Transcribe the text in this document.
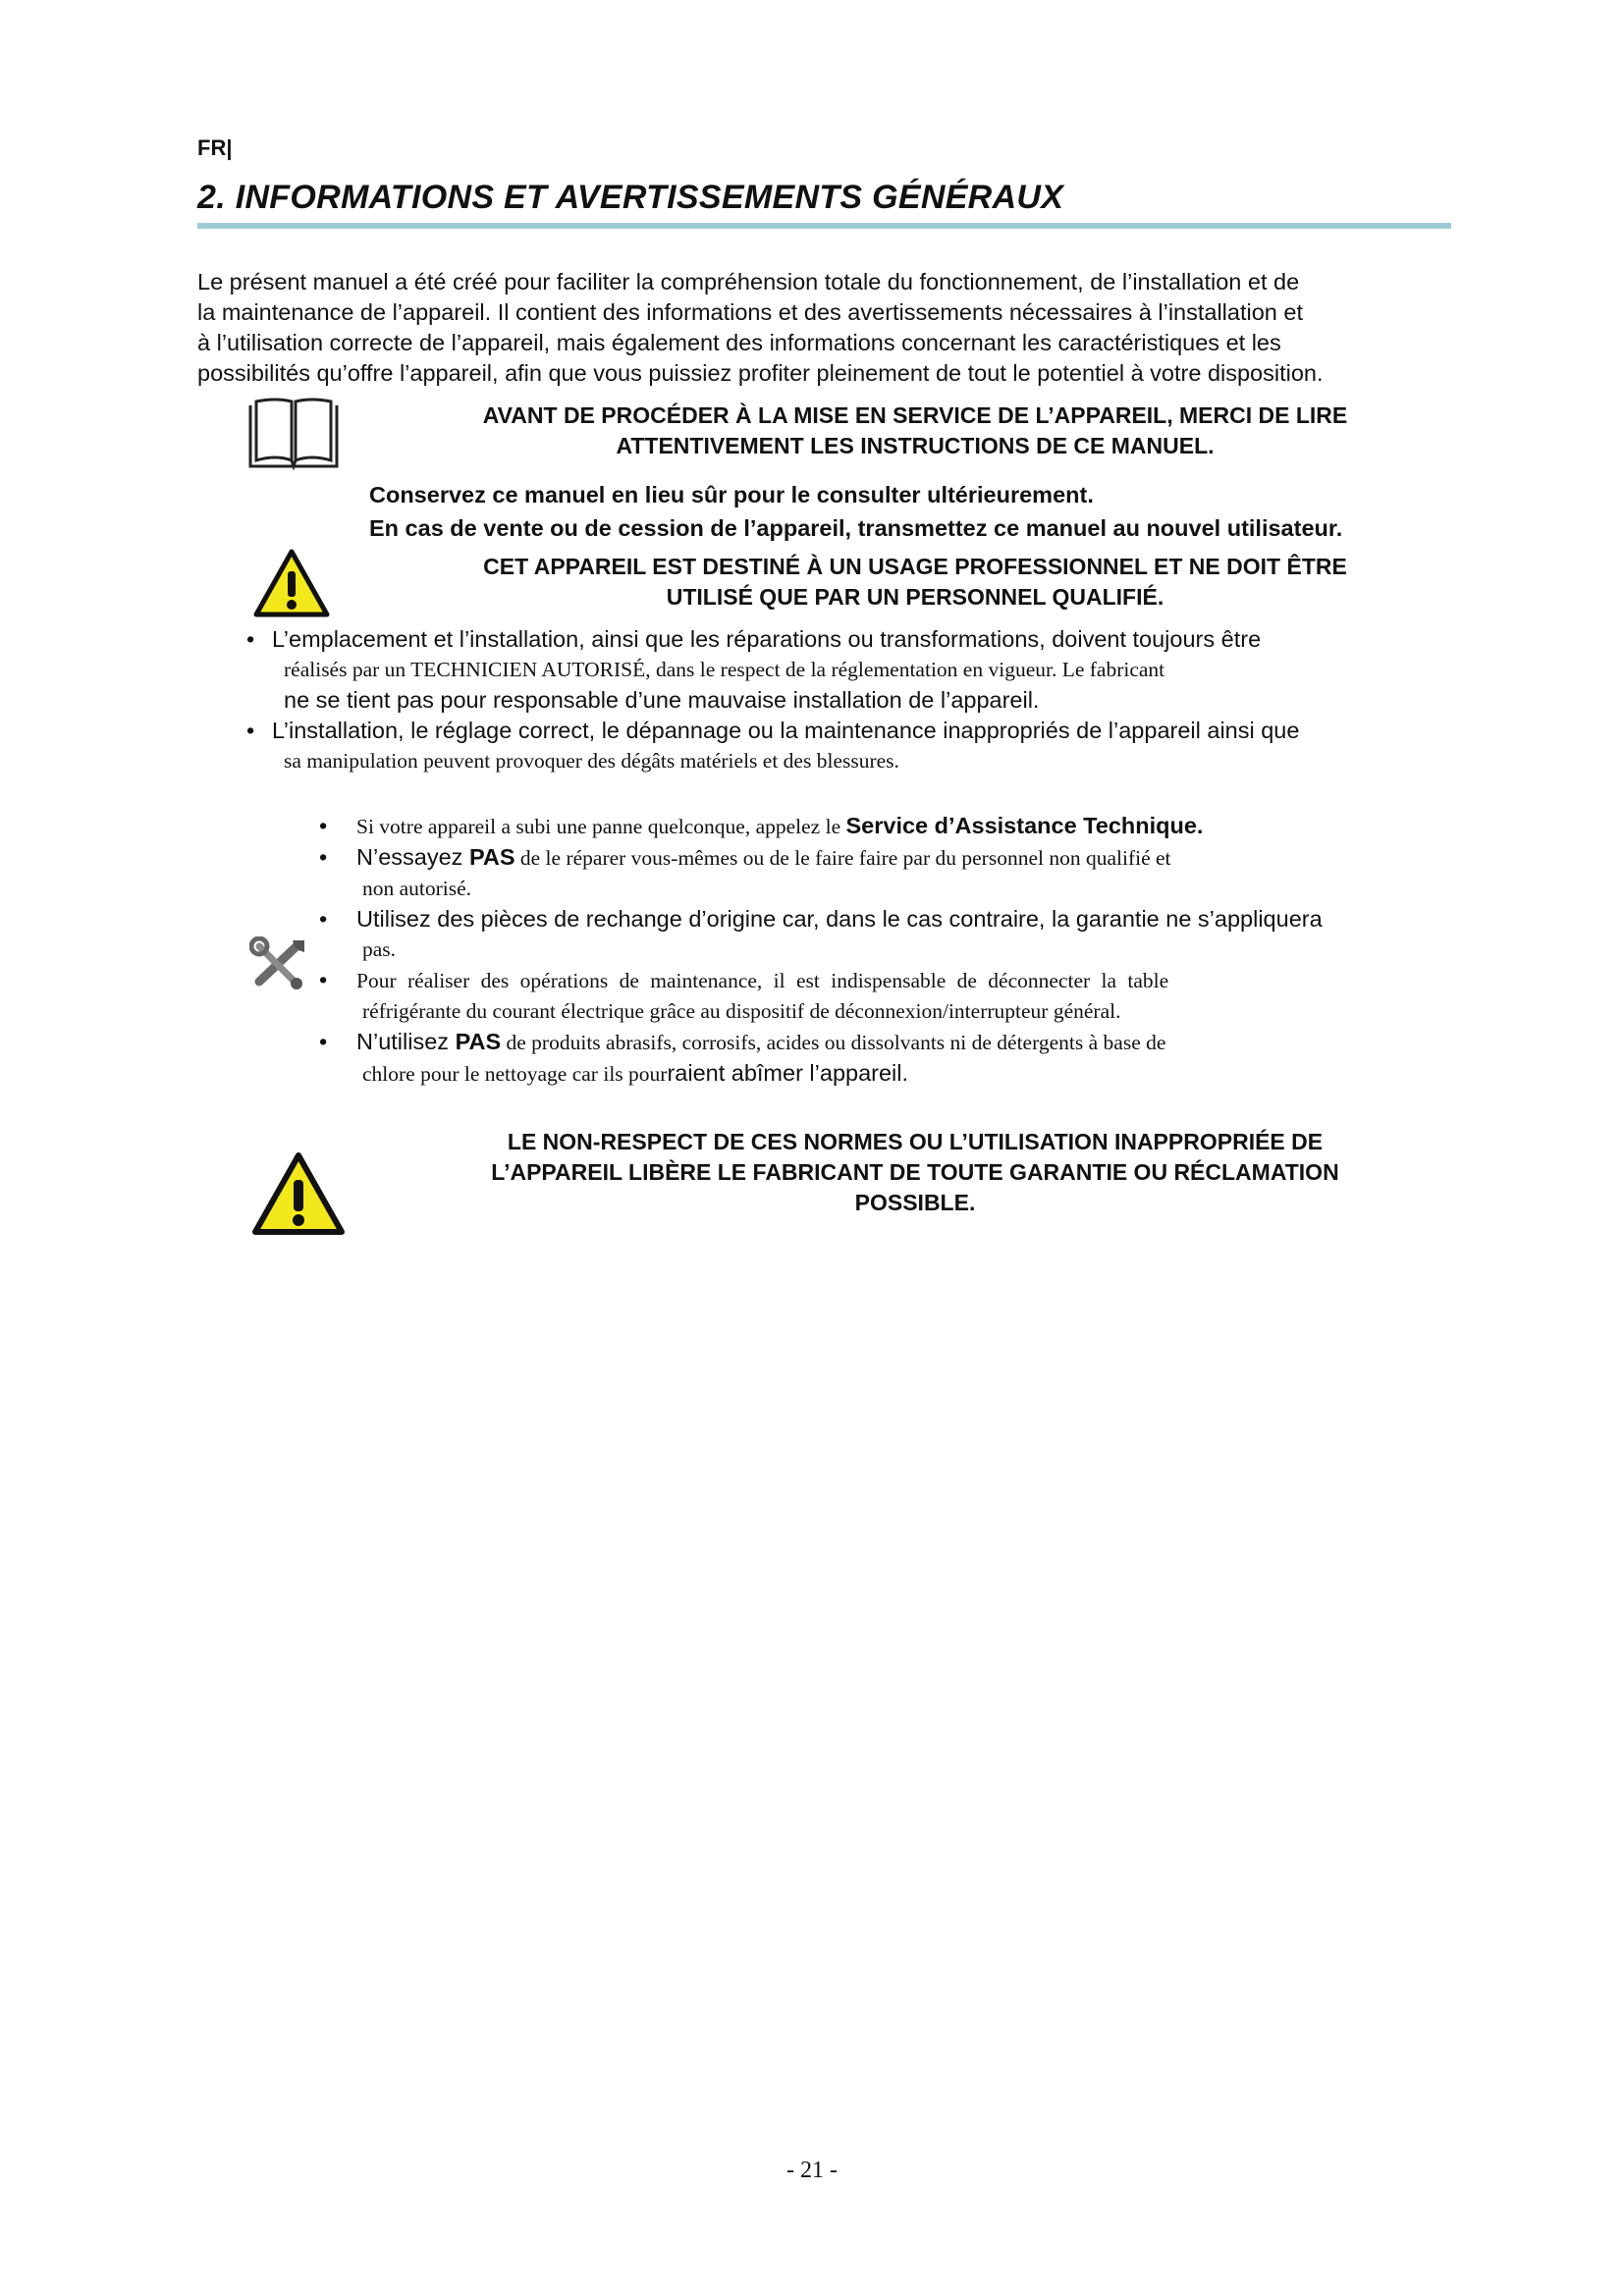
FR|
2. INFORMATIONS ET AVERTISSEMENTS GÉNÉRAUX

Le présent manuel a été créé pour faciliter la compréhension totale du fonctionnement, de l’installation et de

la maintenance de l’appareil. Il contient des informations et des avertissements nécessaires à l’installation et

à l’utilisation correcte de l’appareil, mais également des informations concernant les caractéristiques et les

possibilités qu’offre l’appareil, afin que vous puissiez profiter pleinement de tout le potentiel à votre disposition.

AVANT DE PROCÉDER À LA MISE EN SERVICE DE L’APPAREIL, MERCI DE LIRE
ATTENTIVEMENT LES INSTRUCTIONS DE CE MANUEL.
Conservez ce manuel en lieu sûr pour le consulter ultérieurement.
En cas de vente ou de cession de l’appareil, transmettez ce manuel au nouvel utilisateur.
CET APPAREIL EST DESTINÉ À UN USAGE PROFESSIONNEL ET NE DOIT ÊTRE
UTILISÉ QUE PAR UN PERSONNEL QUALIFIÉ.
• L’emplacement et l’installation, ainsi que les réparations ou transformations, doivent toujours être
réalisés par un TECHNICIEN AUTORISÉ, dans le respect de la réglementation en vigueur. Le fabricant
ne se tient pas pour responsable d’une mauvaise installation de l’appareil.
• L’installation, le réglage correct, le dépannage ou la maintenance inappropriés de l’appareil ainsi que
sa manipulation peuvent provoquer des dégâts matériels et des blessures.
• Si votre appareil a subi une panne quelconque, appelez le Service d’Assistance Technique.
• N’essayez PAS de le réparer vous-mêmes ou de le faire faire par du personnel non qualifié et
non autorisé.
• Utilisez des pièces de rechange d’origine car, dans le cas contraire, la garantie ne s’appliquera
pas.
• Pour réaliser des opérations de maintenance, il est indispensable de déconnecter la table
réfrigérante du courant électrique grâce au dispositif de déconnexion/interrupteur général.
• N’utilisez PAS de produits abrasifs, corrosifs, acides ou dissolvants ni de détergents à base de
chlore pour le nettoyage car ils pourraient abîmer l’appareil.
LE NON-RESPECT DE CES NORMES OU L’UTILISATION INAPPROPRIÉE DE
L’APPAREIL LIBÈRE LE FABRICANT DE TOUTE GARANTIE OU RÉCLAMATION
POSSIBLE.
- 21 -
